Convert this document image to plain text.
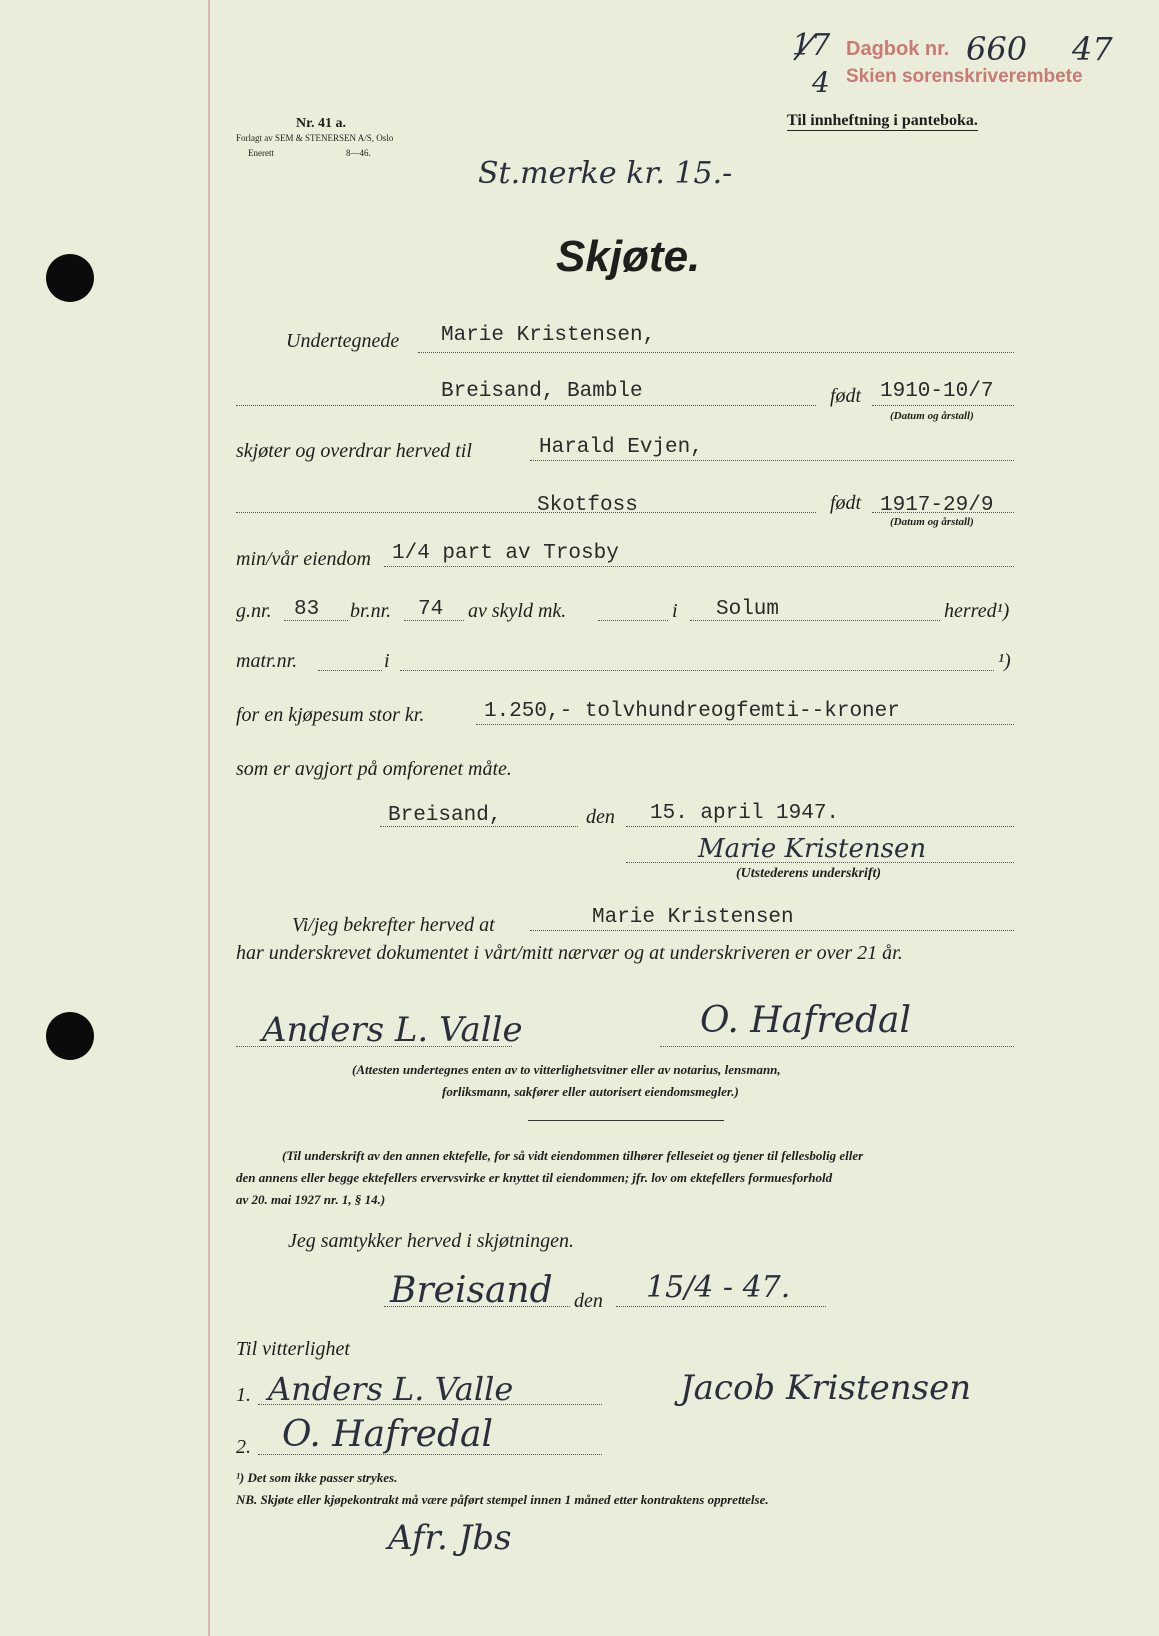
17
4
Dagbok nr. 660 47
Skien sorenskriverembete
Nr. 41 a.
Forlagt av SEM & STENERSEN A/S, Oslo
Enerett	8—46.
Til innheftning i panteboka.
St.merke kr. 15.-
Skjøte.
Undertegnede Marie Kristensen,
Breisand, Bamble	født 1910-10/7
(Datum og årstall)
skjøter og overdrar herved til	Harald Evjen,
Skotfoss	født 1917-29/9
(Datum og årstall)
min/vår eiendom 1/4 part av Trosby
g.nr. 83 br.nr. 74 av skyld mk.	i Solum	herred¹)
matr.nr.	i	¹)
for en kjøpesum stor kr.	1.250,- tolvhundreogfemti--kroner
som er avgjort på omforenet måte.
Breisand,	den 15. april 1947.
Marie Kristensen
(Utstederens underskrift)
Vi/jeg bekrefter herved at	Marie Kristensen
har underskrevet dokumentet i vårt/mitt nærvær og at underskriveren er over 21 år.
Anders L. Valle	O. Hafredal
(Attesten undertegnes enten av to vitterlighetsvitner eller av notarius, lensmann,
forliksmann, sakfører eller autorisert eiendomsmegler.)
(Til underskrift av den annen ektefelle, for så vidt eiendommen tilhører felleseiet og tjener til fellesbolig eller
den annens eller begge ektefellers ervervsvirke er knyttet til eiendommen; jfr. lov om ektefellers formuesforhold
av 20. mai 1927 nr. 1, § 14.)
Jeg samtykker herved i skjøtningen.
Breisand den 15/4 - 47.
Til vitterlighet
1. Anders L. Valle	Jacob Kristensen
2. O. Hafredal
¹) Det som ikke passer strykes.
NB. Skjøte eller kjøpekontrakt må være påført stempel innen 1 måned etter kontraktens opprettelse.
Afr. Jbs
